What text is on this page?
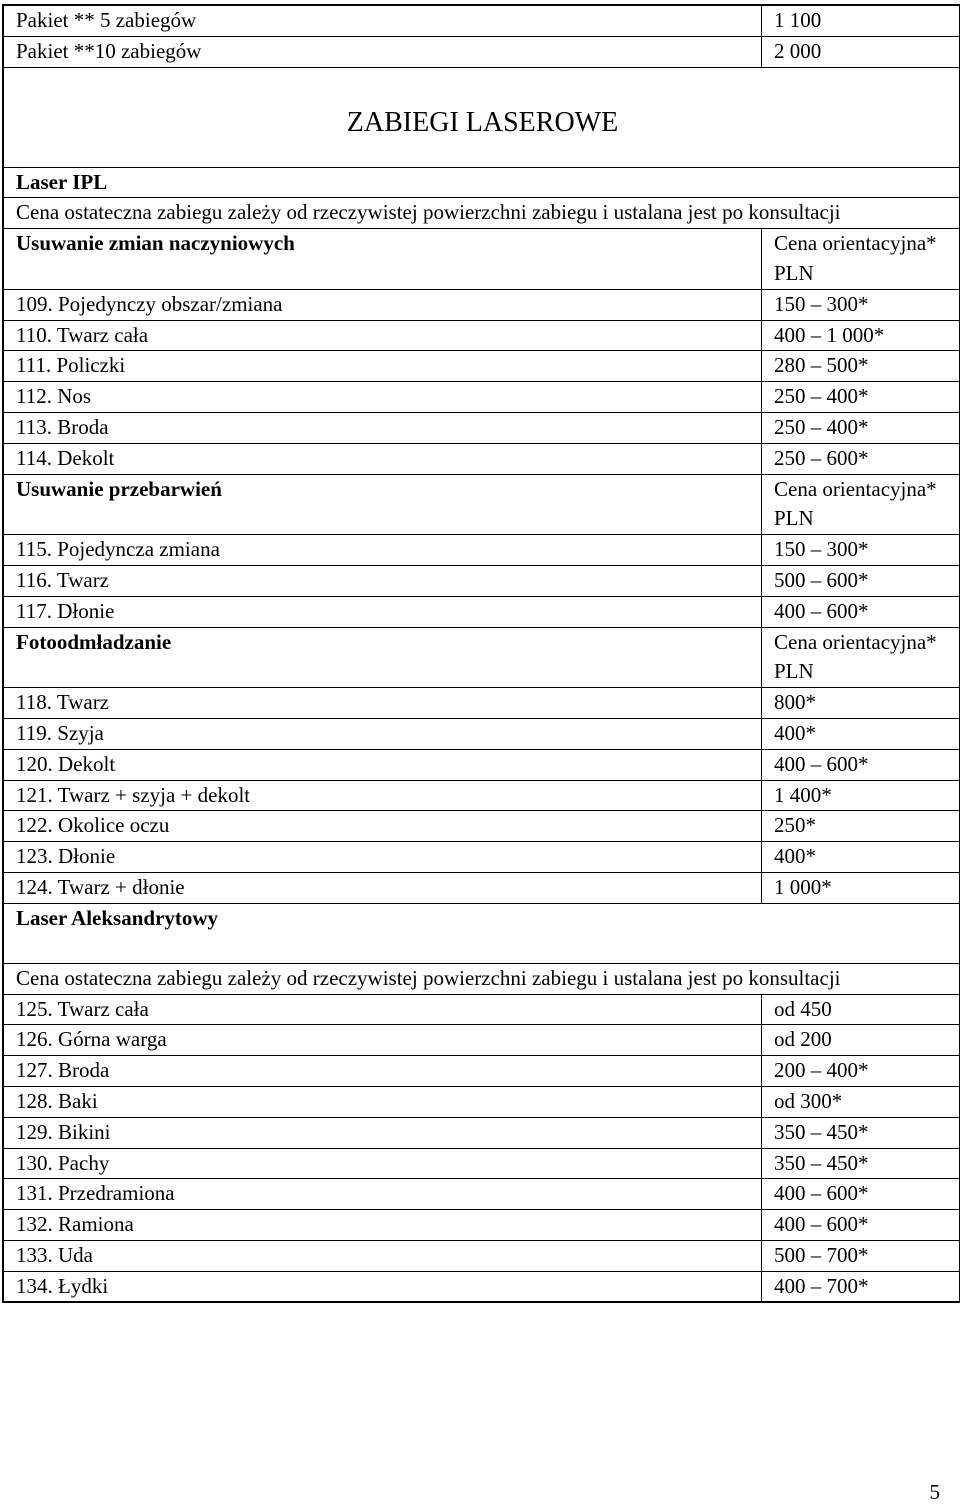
Pakiet ** 5 zabiegów	1 100
Pakiet **10 zabiegów	2 000
ZABIEGI LASEROWE	
Laser IPL	
Cena ostateczna zabiegu zależy od rzeczywistej powierzchni zabiegu i ustalana jest po konsultacji	
Usuwanie zmian naczyniowych	Cena orientacyjna* PLN
109. Pojedynczy obszar/zmiana	150 – 300*
110. Twarz cała	400 – 1 000*
111. Policzki	280 – 500*
112. Nos	250 – 400*
113. Broda	250 – 400*
114. Dekolt	250 – 600*
Usuwanie przebarwień	Cena orientacyjna* PLN
115. Pojedyncza zmiana	150 – 300*
116. Twarz	500 – 600*
117. Dłonie	400 – 600*
Fotoodmładzanie	Cena orientacyjna* PLN
118. Twarz	800*
119. Szyja	400*
120. Dekolt	400 – 600*
121. Twarz + szyja + dekolt	1 400*
122. Okolice oczu	250*
123. Dłonie	400*
124. Twarz + dłonie	1 000*
Laser Aleksandrytowy	
Cena ostateczna zabiegu zależy od rzeczywistej powierzchni zabiegu i ustalana jest po konsultacji	
125. Twarz cała	od 450
126. Górna warga	od 200
127. Broda	200 – 400*
128. Baki	od 300*
129. Bikini	350 – 450*
130. Pachy	350 – 450*
131. Przedramiona	400 – 600*
132. Ramiona	400 – 600*
133. Uda	500 – 700*
134. Łydki	400 – 700*
5
